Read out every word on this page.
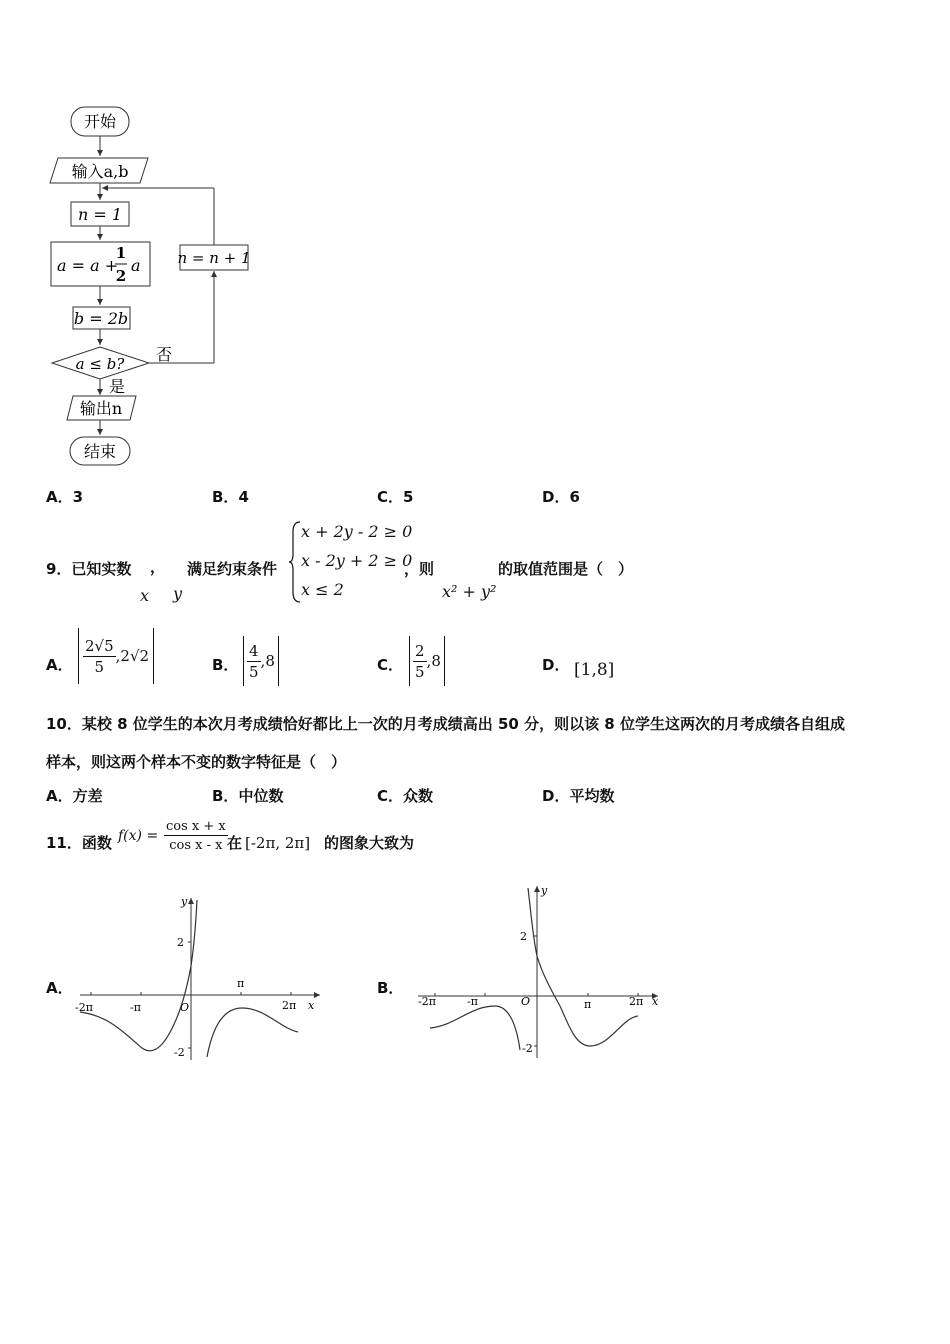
开始
输入a,b
n = 1
a = a +
1
2
a
b = 2b
a ≤ b? 否
n = n + 1
是
输出n
结束
A．3	B．4	C．5	D．6
9．已知实数 ， 满足约束条件
x y
x + 2y - 2 ≥ 0
x - 2y + 2 ≥ 0
x ≤ 2
，则
x² + y²
的取值范围是（　）
A． $\frac{2√5}{5} ,2√2$	B． $\frac{4}{5} ,8$	C． $\frac{2}{5} ,8$	D． [1,8]
10．某校 8 位学生的本次月考成绩恰好都比上一次的月考成绩高出 50 分，则以该 8 位学生这两次的月考成绩各自组成
样本，则这两个样本不变的数字特征是（　）
A．方差	B．中位数	C．众数	D．平均数
11．函数 $f(x) = \frac{\text{cos x + x}}{\text{cos x - x}}$ 在 [-2π, 2π] 的图象大致为
A．
y
2
-2
O
-2π	-π
π
2π x
B．
y
2
-2
O
-2π	-π	π	2π x
